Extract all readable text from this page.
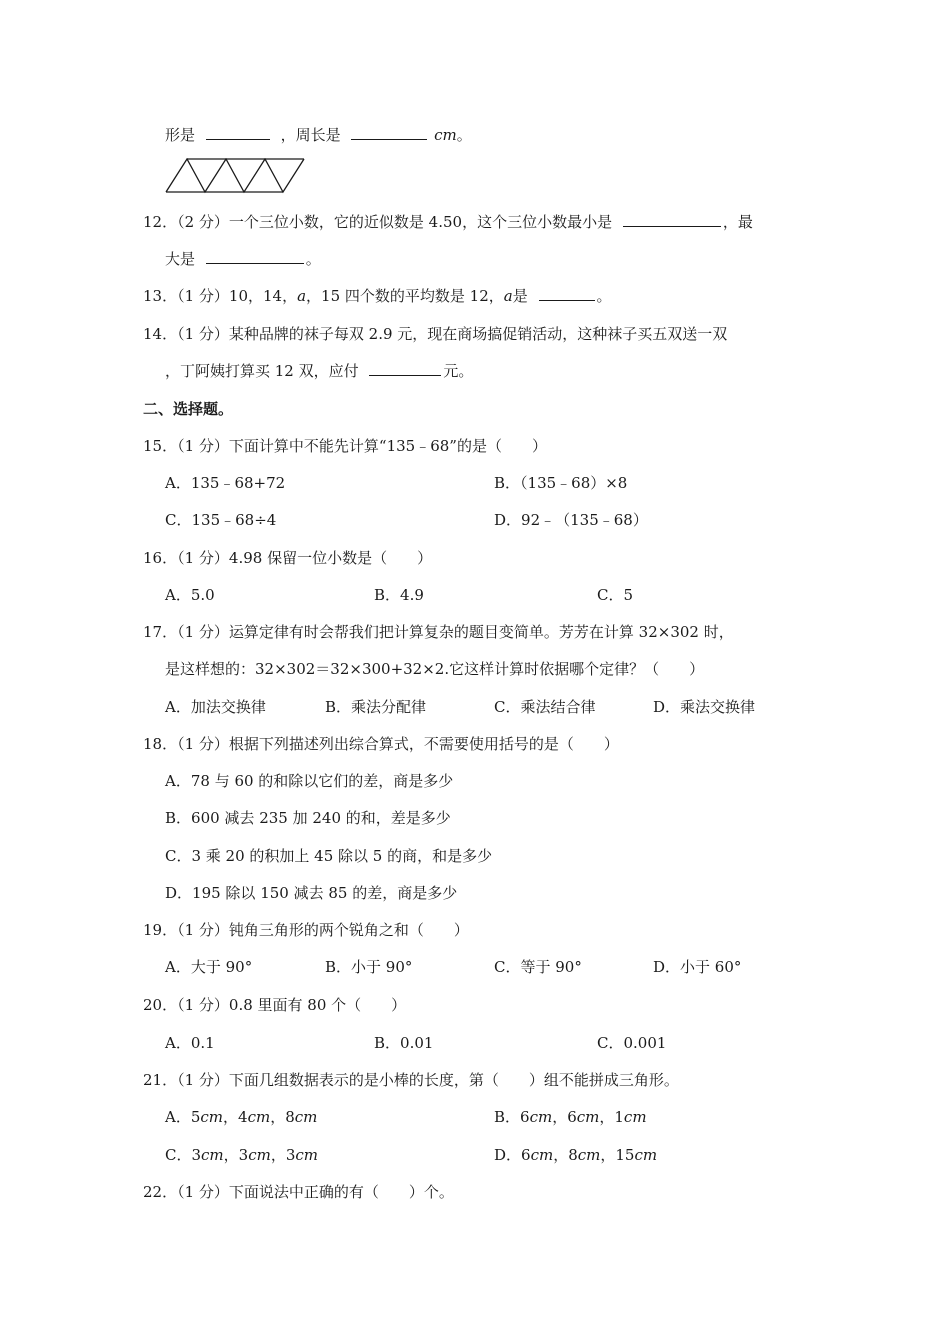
形是	，周长是	cm。
12．（2 分）一个三位小数，它的近似数是 4.50，这个三位小数最小是	，最
大是	。
13．（1 分）10，14，a，15 四个数的平均数是 12，a是	。
14．（1 分）某种品牌的袜子每双 2.9 元，现在商场搞促销活动，这种袜子买五双送一双
，丁阿姨打算买 12 双，应付	元。
二、选择题。
15．（1 分）下面计算中不能先计算“135﹣68”的是（　　）
A．135﹣68+72	B．（135﹣68）×8
C．135﹣68÷4	D．92﹣（135﹣68）
16．（1 分）4.98 保留一位小数是（　　）
A．5.0	B．4.9	C．5
17．（1 分）运算定律有时会帮我们把计算复杂的题目变简单。芳芳在计算 32×302 时，
是这样想的：32×302＝32×300+32×2.它这样计算时依据哪个定律？（　　）
A．加法交换律	B．乘法分配律	C．乘法结合律	D．乘法交换律
18．（1 分）根据下列描述列出综合算式，不需要使用括号的是（　　）
A．78 与 60 的和除以它们的差，商是多少
B．600 减去 235 加 240 的和，差是多少
C．3 乘 20 的积加上 45 除以 5 的商，和是多少
D．195 除以 150 减去 85 的差，商是多少
19．（1 分）钝角三角形的两个锐角之和（　　）
A．大于 90°	B．小于 90°	C．等于 90°	D．小于 60°
20．（1 分）0.8 里面有 80 个（　　）
A．0.1	B．0.01	C．0.001
21．（1 分）下面几组数据表示的是小棒的长度，第（　　）组不能拼成三角形。
A．5cm，4cm，8cm	B．6cm，6cm，1cm
C．3cm，3cm，3cm	D．6cm，8cm，15cm
22．（1 分）下面说法中正确的有（　　）个。
